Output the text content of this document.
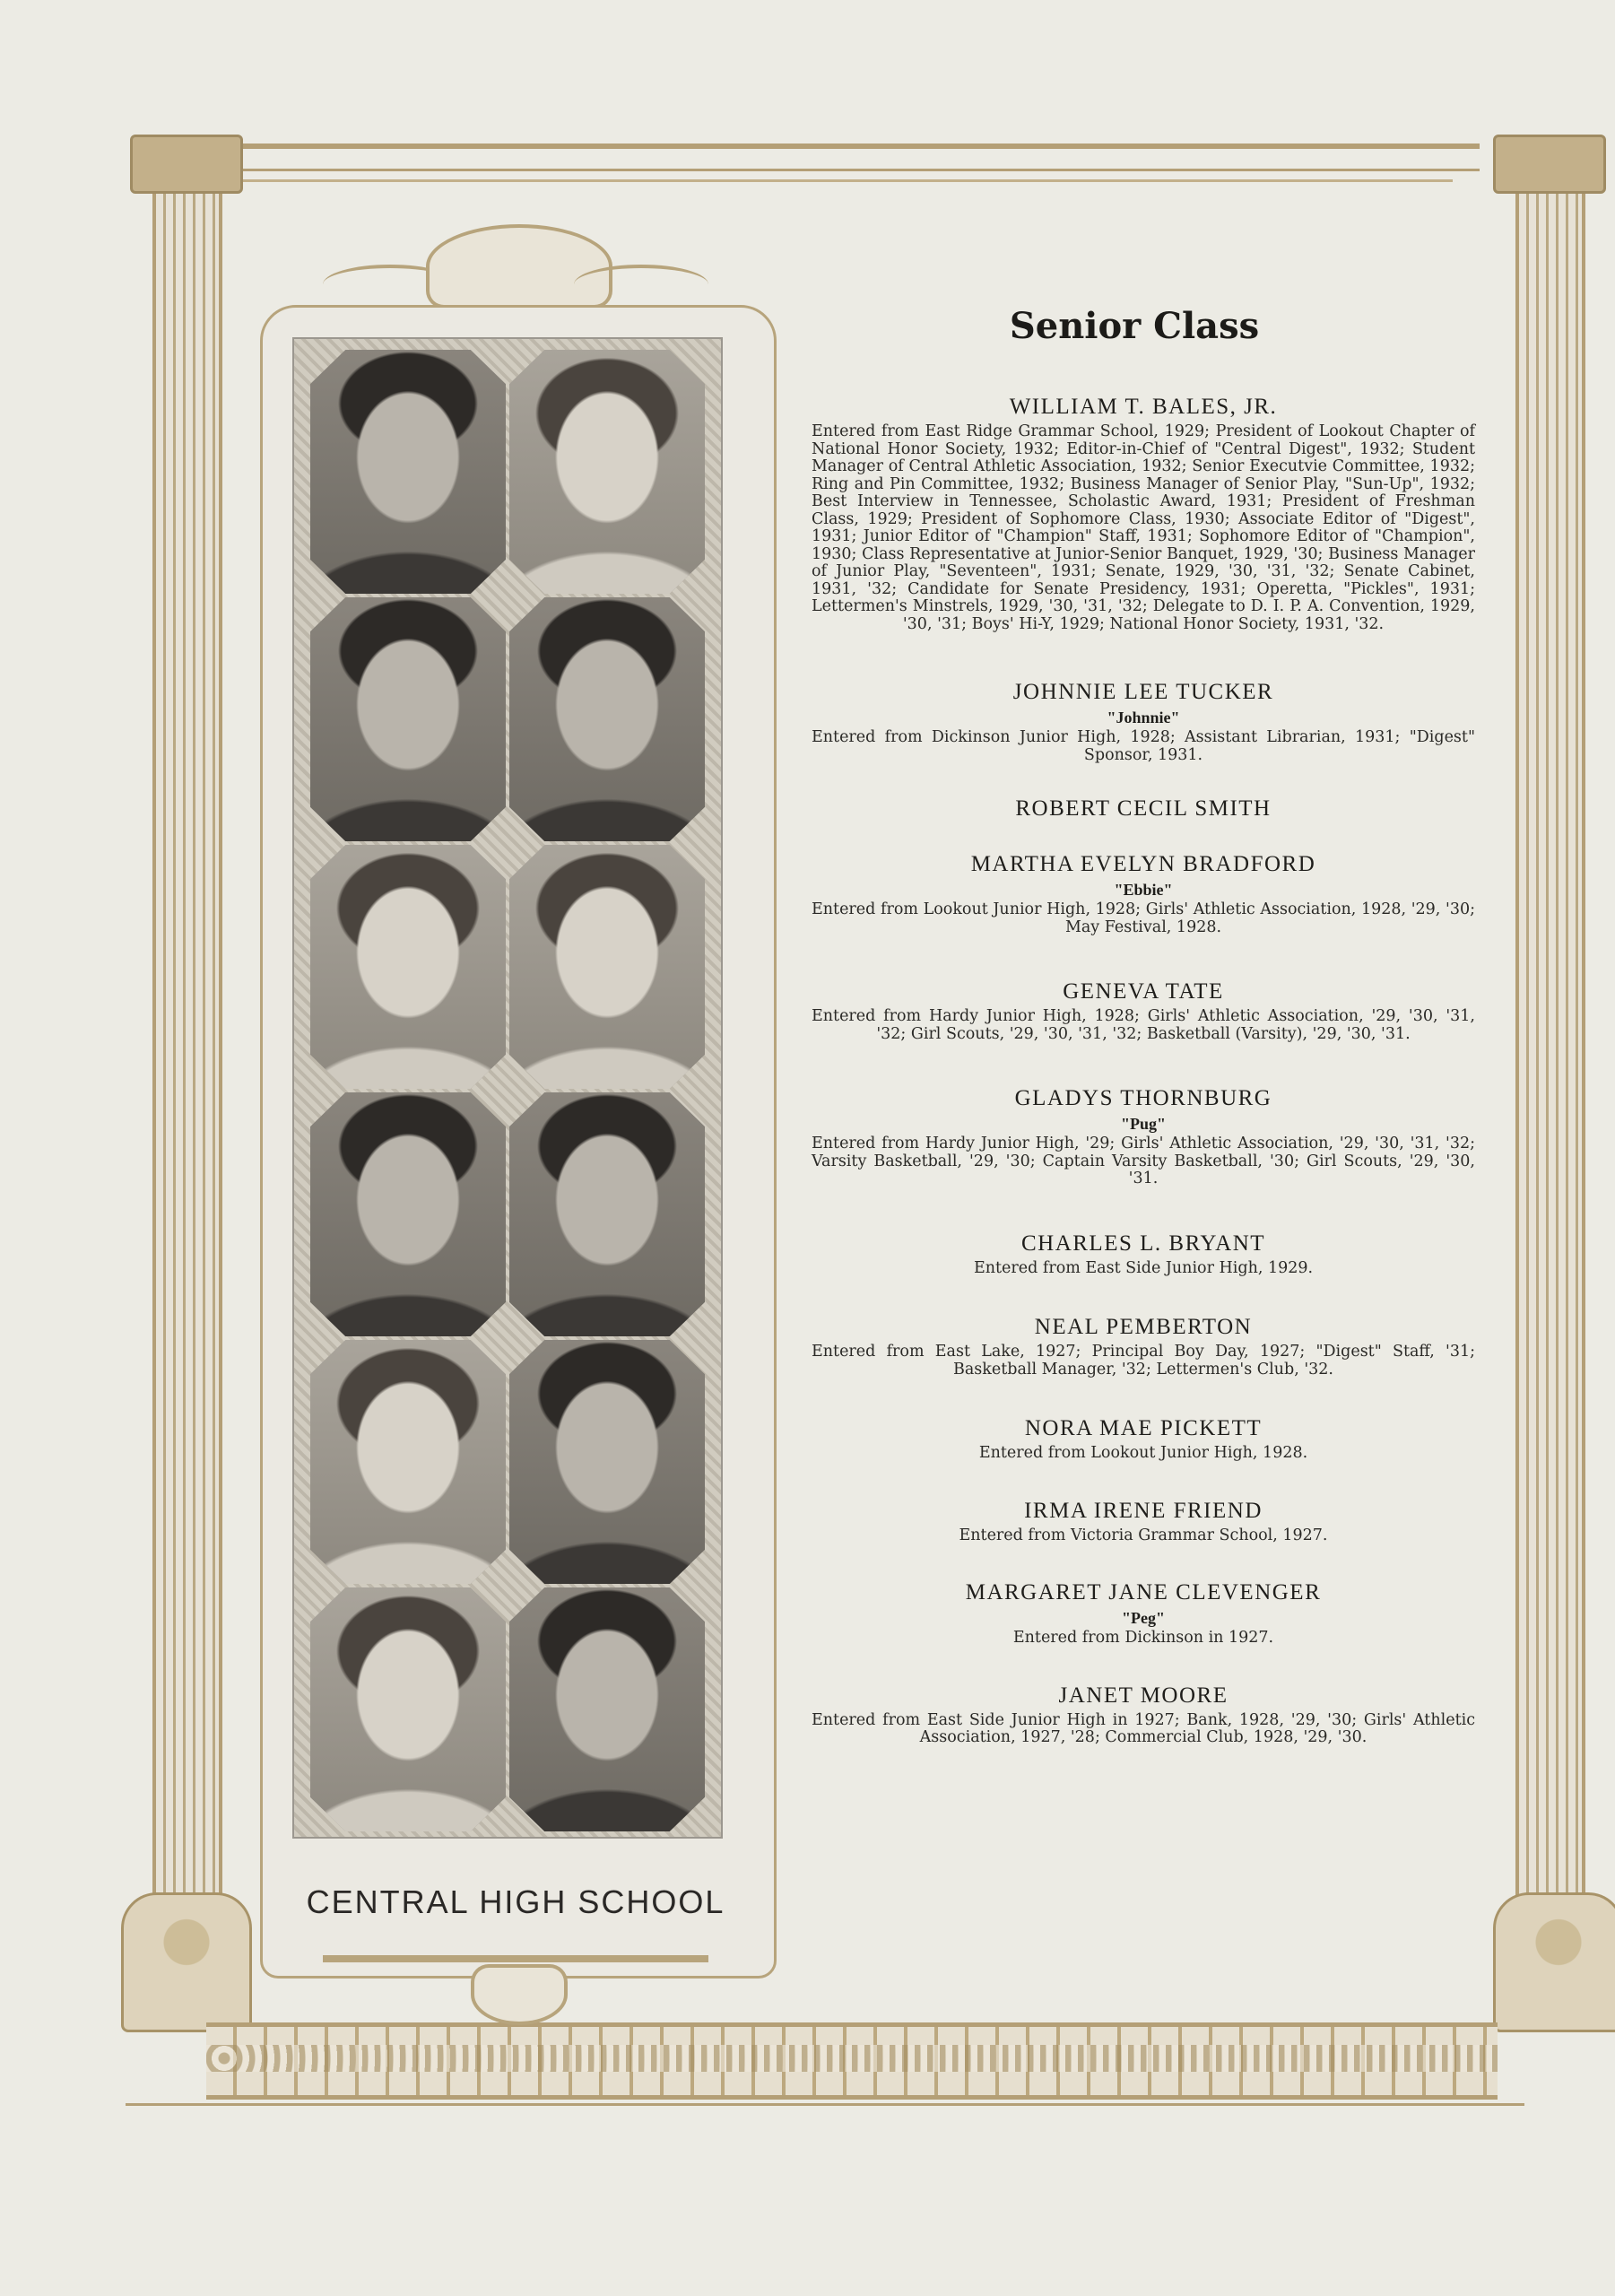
CENTRAL HIGH SCHOOL
Senior Class
WILLIAM T. BALES, JR.
Entered from East Ridge Grammar School, 1929; President of Lookout Chapter of National Honor Society, 1932; Editor-in-Chief of "Central Digest", 1932; Student Manager of Central Athletic Association, 1932; Senior Executvie Committee, 1932; Ring and Pin Committee, 1932; Business Manager of Senior Play, "Sun-Up", 1932; Best Interview in Tennessee, Scholastic Award, 1931; President of Freshman Class, 1929; President of Sophomore Class, 1930; Associate Editor of "Digest", 1931; Junior Editor of "Champion" Staff, 1931; Sophomore Editor of "Champion", 1930; Class Representative at Junior-Senior Banquet, 1929, '30; Business Manager of Junior Play, "Seventeen", 1931; Senate, 1929, '30, '31, '32; Senate Cabinet, 1931, '32; Candidate for Senate Presidency, 1931; Operetta, "Pickles", 1931; Lettermen's Minstrels, 1929, '30, '31, '32; Delegate to D. I. P. A. Convention, 1929, '30, '31; Boys' Hi-Y, 1929; National Honor Society, 1931, '32.
JOHNNIE LEE TUCKER
"Johnnie"
Entered from Dickinson Junior High, 1928; Assistant Librarian, 1931; "Digest" Sponsor, 1931.
ROBERT CECIL SMITH
MARTHA EVELYN BRADFORD
"Ebbie"
Entered from Lookout Junior High, 1928; Girls' Athletic Association, 1928, '29, '30; May Festival, 1928.
GENEVA TATE
Entered from Hardy Junior High, 1928; Girls' Athletic Association, '29, '30, '31, '32; Girl Scouts, '29, '30, '31, '32; Basketball (Varsity), '29, '30, '31.
GLADYS THORNBURG
"Pug"
Entered from Hardy Junior High, '29; Girls' Athletic Association, '29, '30, '31, '32; Varsity Basketball, '29, '30; Captain Varsity Basketball, '30; Girl Scouts, '29, '30, '31.
CHARLES L. BRYANT
Entered from East Side Junior High, 1929.
NEAL PEMBERTON
Entered from East Lake, 1927; Principal Boy Day, 1927; "Digest" Staff, '31; Basketball Manager, '32; Lettermen's Club, '32.
NORA MAE PICKETT
Entered from Lookout Junior High, 1928.
IRMA IRENE FRIEND
Entered from Victoria Grammar School, 1927.
MARGARET JANE CLEVENGER
"Peg"
Entered from Dickinson in 1927.
JANET MOORE
Entered from East Side Junior High in 1927; Bank, 1928, '29, '30; Girls' Athletic Association, 1927, '28; Commercial Club, 1928, '29, '30.
